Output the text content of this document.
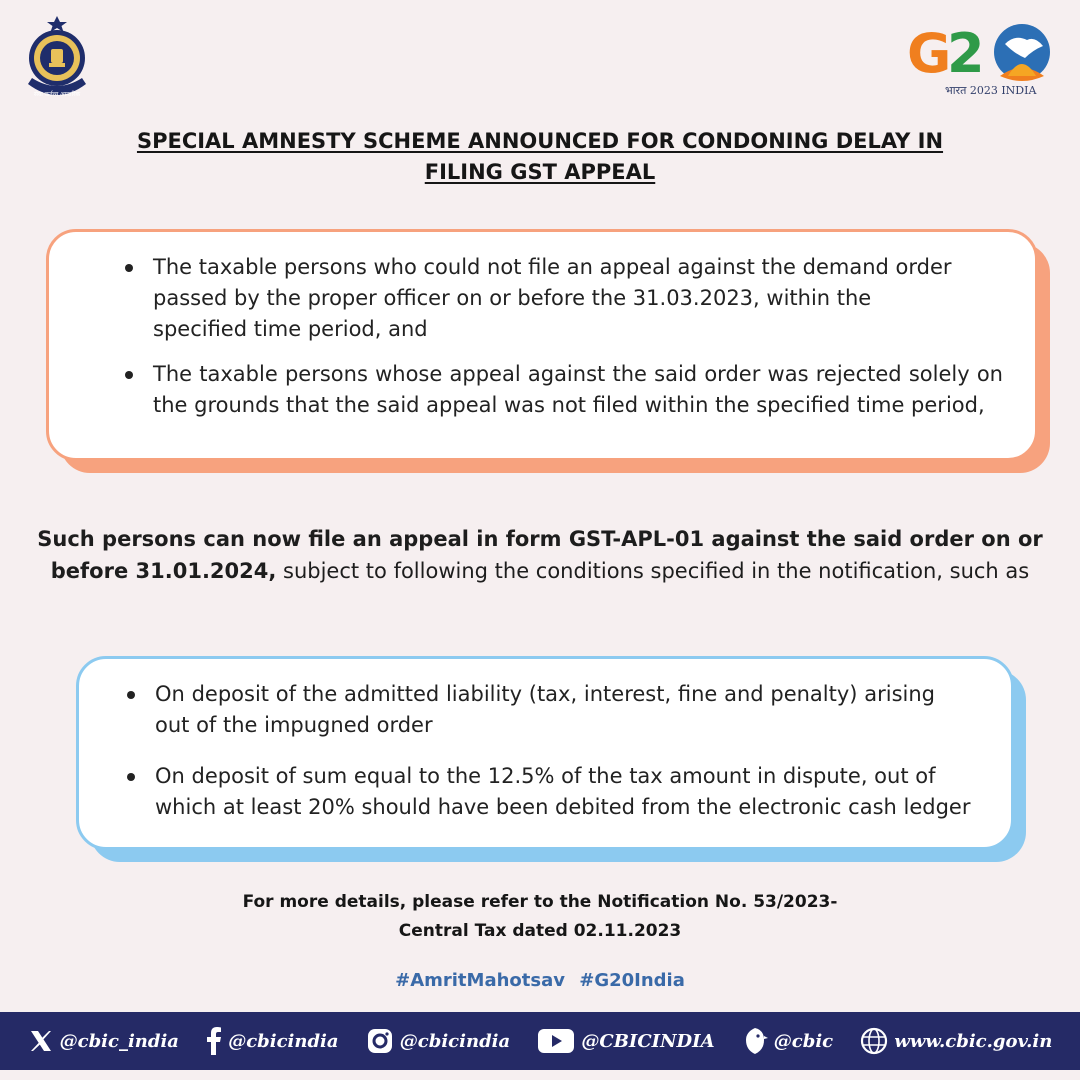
सेवा कर्तव्य आन्तरिक
G
2
भारत 2023 INDIA
SPECIAL AMNESTY SCHEME ANNOUNCED FOR CONDONING DELAY IN
FILING GST APPEAL
The taxable persons who could not file an appeal against the demand order passed by the proper officer on or before the 31.03.2023, within the specified time period, and
The taxable persons whose appeal against the said order was rejected solely on the grounds that the said appeal was not filed within the specified time period,
Such persons can now file an appeal in form GST-APL-01 against the said order on or before 31.01.2024, subject to following the conditions specified in the notification, such as
On deposit of the admitted liability (tax, interest, fine and penalty) arising out of the impugned order
On deposit of sum equal to the 12.5% of the tax amount in dispute, out of which at least 20% should have been debited from the electronic cash ledger
For more details, please refer to the Notification No. 53/2023-
Central Tax dated 02.11.2023
#AmritMahotsav #G20India
@cbic_india	@cbicindia	@cbicindia	@CBICINDIA	@cbic	www.cbic.gov.in
